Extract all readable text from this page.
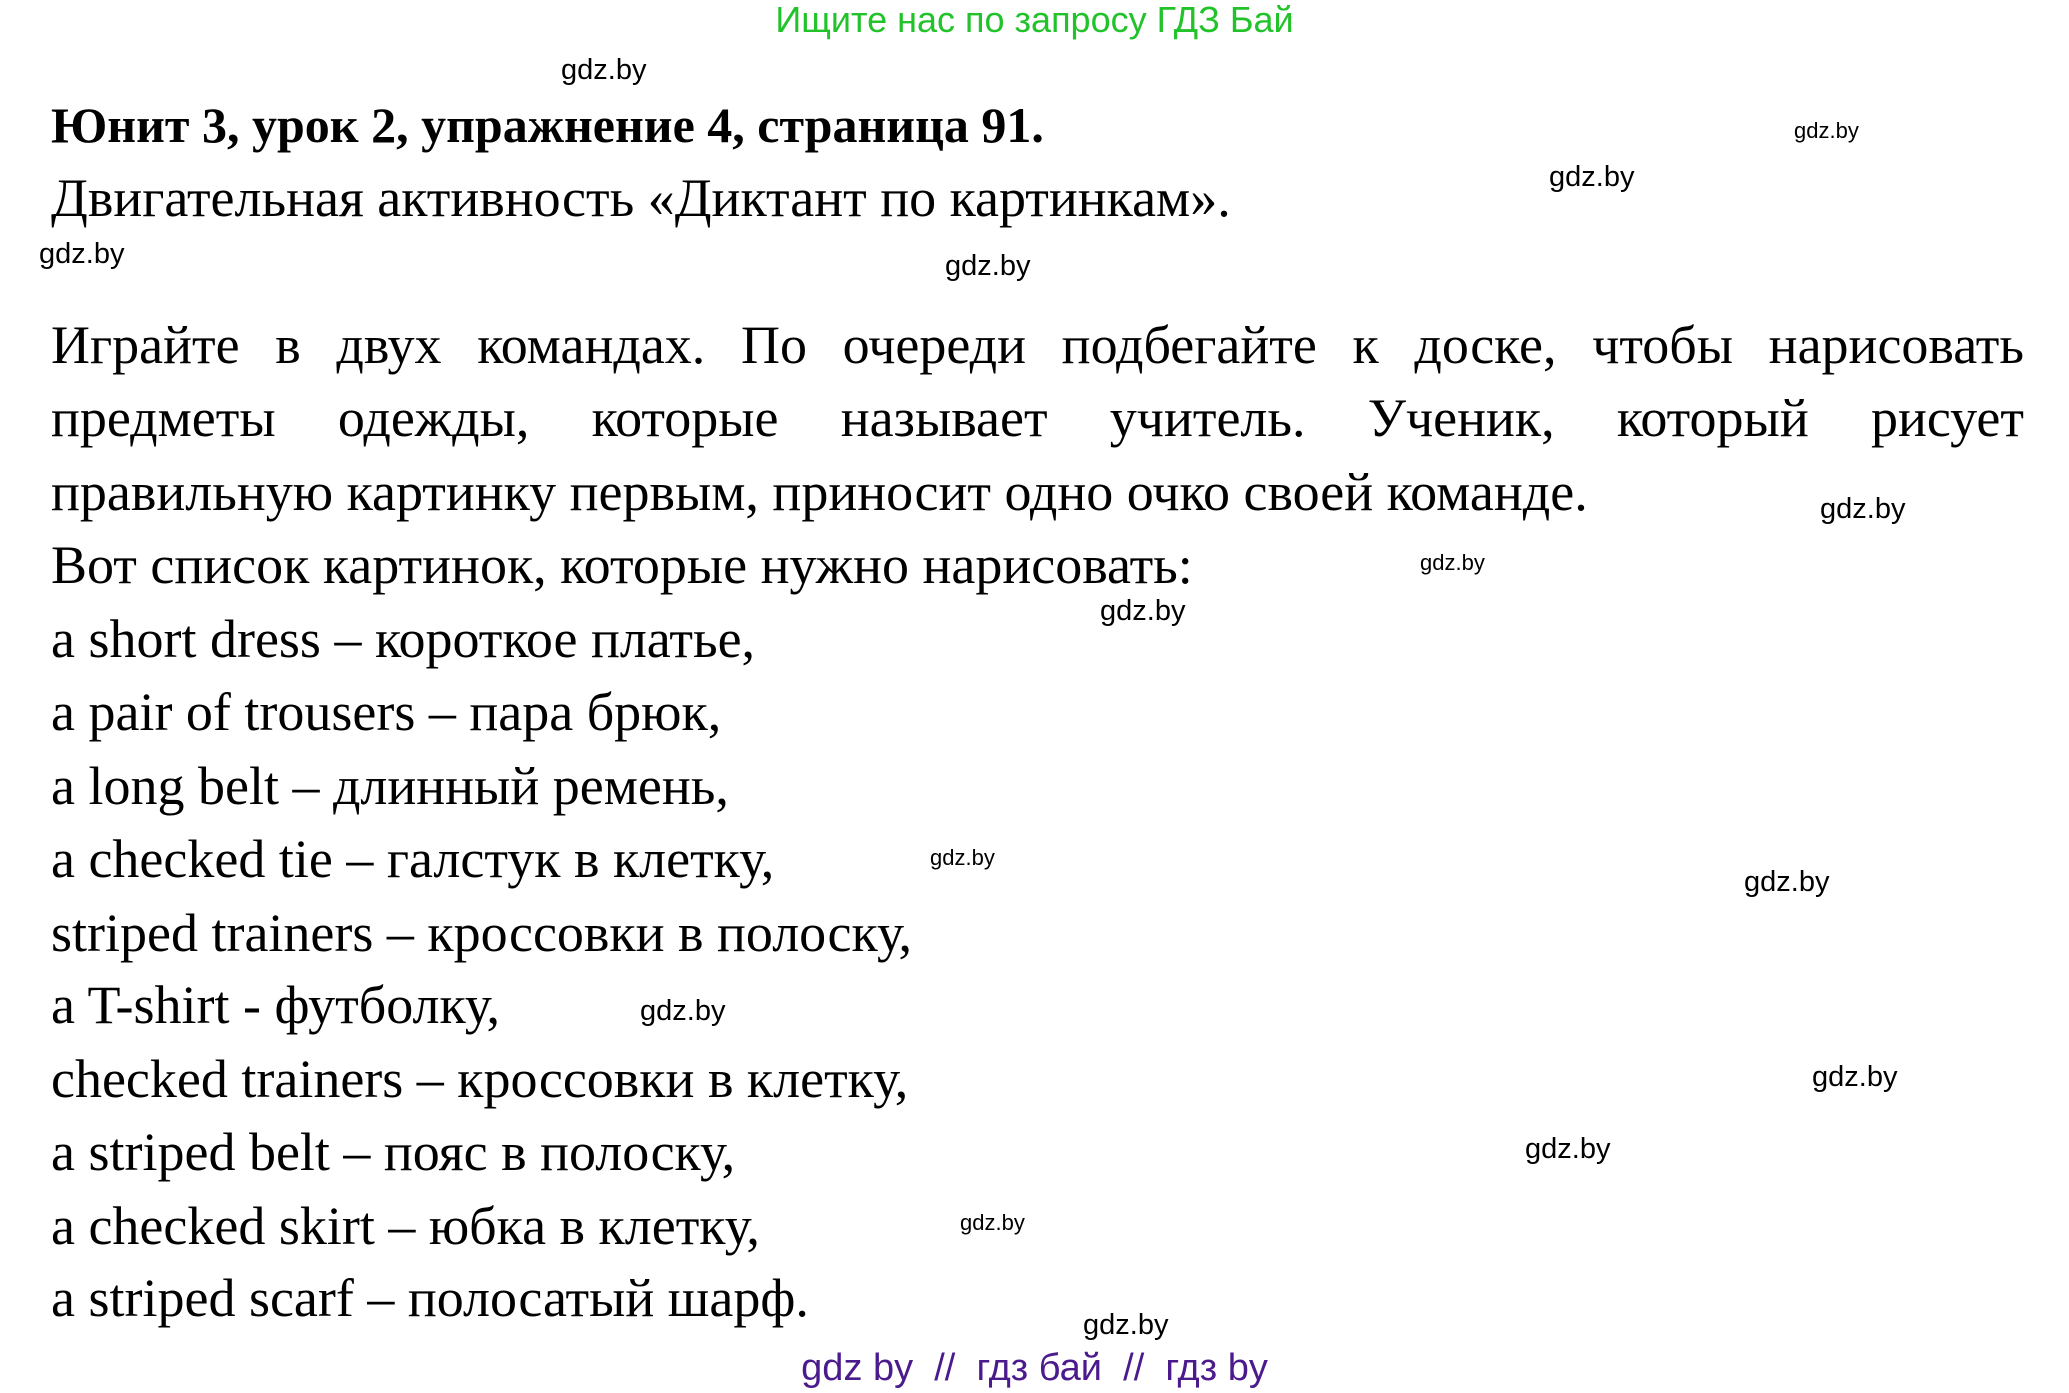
Ищите нас по запросу ГДЗ Бай
Юнит 3, урок 2, упражнение 4, страница 91.
Двигательная активность «Диктант по картинкам».
Играйте в двух командах. По очереди подбегайте к доске, чтобы нарисовать
предметы одежды, которые называет учитель. Ученик, который рисует
правильную картинку первым, приносит одно очко своей команде.
Вот список картинок, которые нужно нарисовать:
a short dress – короткое платье,
a pair of trousers – пара брюк,
a long belt – длинный ремень,
a checked tie – галстук в клетку,
striped trainers – кроссовки в полоску,
a T-shirt - футболку,
checked trainers – кроссовки в клетку,
a striped belt – пояс в полоску,
a checked skirt – юбка в клетку,
a striped scarf – полосатый шарф.
gdz.by
gdz.by
gdz.by
gdz.by	gdz.by
gdz.by
gdz.by
gdz.by
gdz.by
gdz.by
gdz.by
gdz.by
gdz.by
gdz.by
gdz.by
gdz by  //  гдз бай  //  гдз by
